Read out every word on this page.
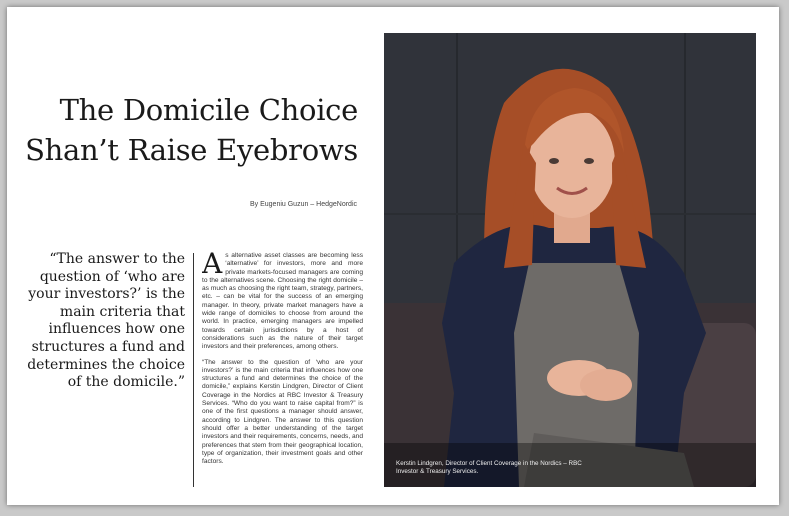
The Domicile Choice
Shan’t Raise Eyebrows
By Eugeniu Guzun – HedgeNordic

“The answer to the question of ‘who are your investors?’ is the main criteria that influences how one structures a fund and determines the choice of the domicile.”

As alternative asset classes are becoming less ‘alternative’ for investors, more and more private markets-focused managers are coming to the alternatives scene. Choosing the right domicile – as much as choosing the right team, strategy, partners, etc. – can be vital for the success of an emerging manager. In theory, private market managers have a wide range of domiciles to choose from around the world. In practice, emerging managers are impelled towards certain jurisdictions by a host of considerations such as the nature of their target investors and their preferences, among others.

“The answer to the question of ‘who are your investors?’ is the main criteria that influences how one structures a fund and determines the choice of the domicile,” explains Kerstin Lindgren, Director of Client Coverage in the Nordics at RBC Investor & Treasury Services. “Who do you want to raise capital from?” is one of the first questions a manager should answer, according to Lindgren. The answer to this question should offer a better understanding of the target investors and their requirements, concerns, needs, and preferences that stem from their geographical location, type of organization, their investment goals and other factors.	Kerstin Lindgren, Director of Client Coverage in the Nordics – RBC Investor & Treasury Services.
